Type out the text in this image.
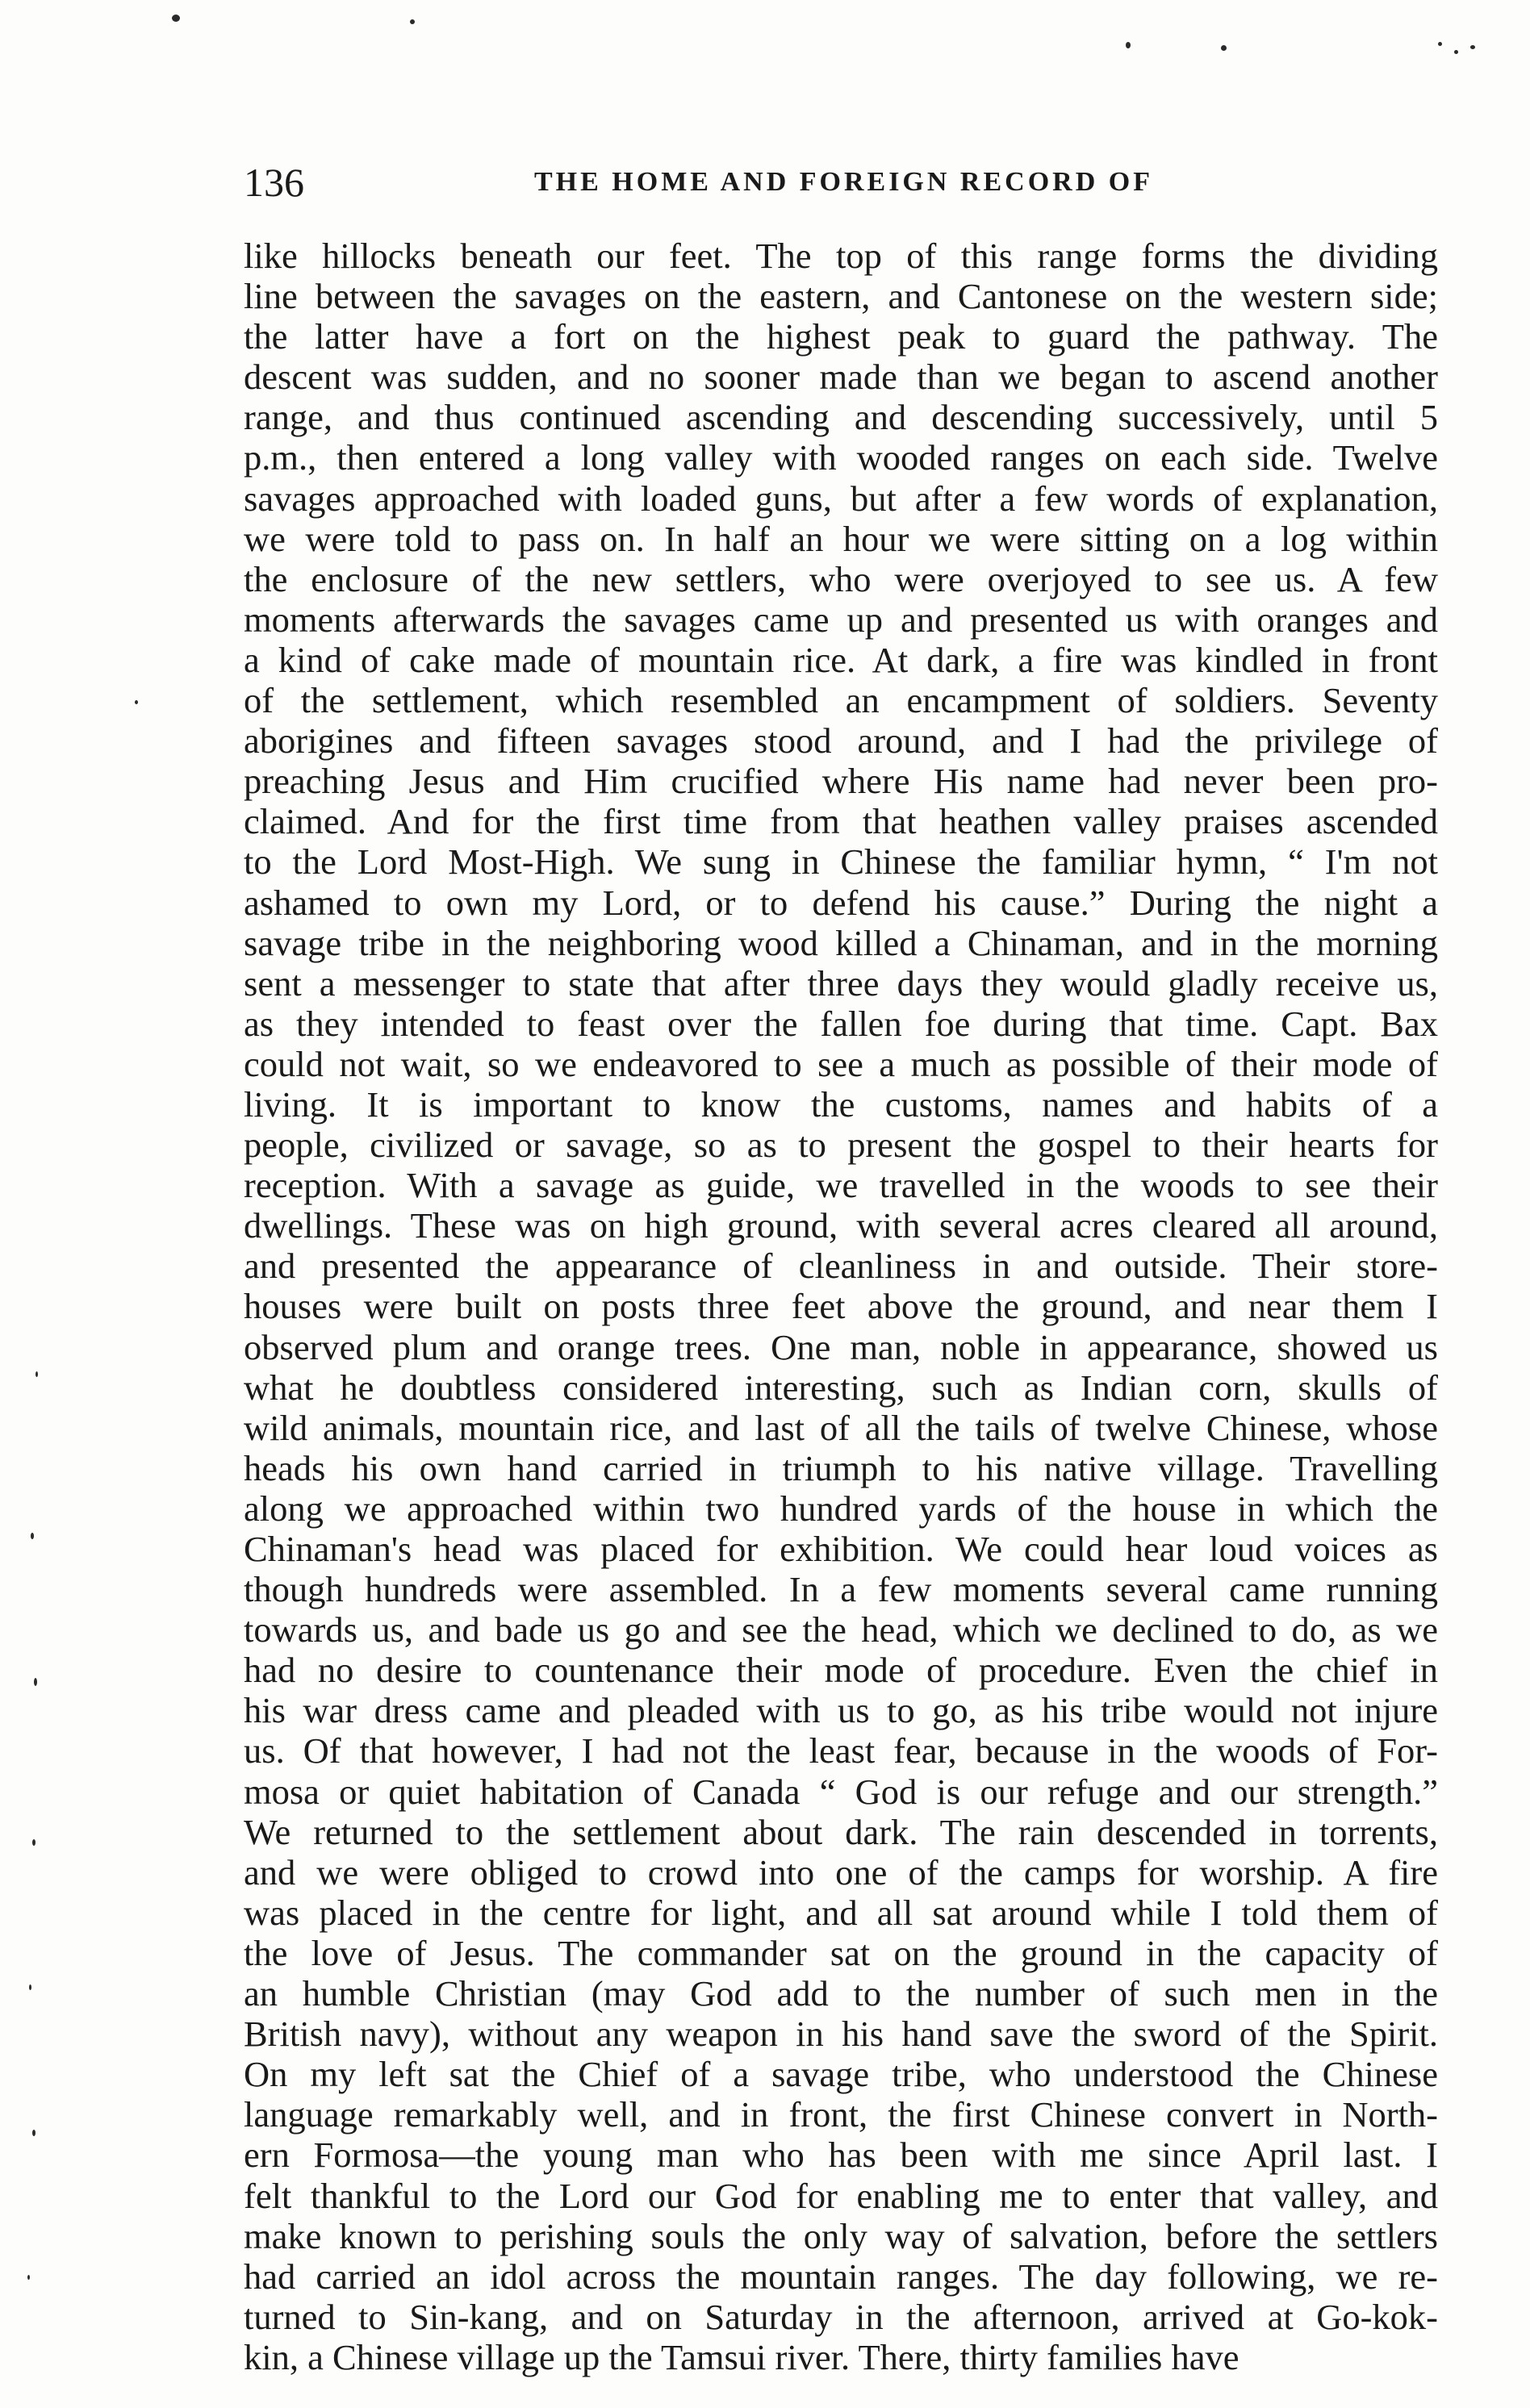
136	THE HOME AND FOREIGN RECORD OF
like hillocks beneath our feet. The top of this range forms the dividing
line between the savages on the eastern, and Cantonese on the western side;
the latter have a fort on the highest peak to guard the pathway. The
descent was sudden, and no sooner made than we began to ascend another
range, and thus continued ascending and descending successively, until 5
p.m., then entered a long valley with wooded ranges on each side. Twelve
savages approached with loaded guns, but after a few words of explanation,
we were told to pass on. In half an hour we were sitting on a log within
the enclosure of the new settlers, who were overjoyed to see us. A few
moments afterwards the savages came up and presented us with oranges and
a kind of cake made of mountain rice. At dark, a fire was kindled in front
of the settlement, which resembled an encampment of soldiers. Seventy
aborigines and fifteen savages stood around, and I had the privilege of
preaching Jesus and Him crucified where His name had never been pro-
claimed. And for the first time from that heathen valley praises ascended
to the Lord Most-High. We sung in Chinese the familiar hymn, “ I'm not
ashamed to own my Lord, or to defend his cause.” During the night a
savage tribe in the neighboring wood killed a Chinaman, and in the morning
sent a messenger to state that after three days they would gladly receive us,
as they intended to feast over the fallen foe during that time. Capt. Bax
could not wait, so we endeavored to see a much as possible of their mode of
living. It is important to know the customs, names and habits of a
people, civilized or savage, so as to present the gospel to their hearts for
reception. With a savage as guide, we travelled in the woods to see their
dwellings. These was on high ground, with several acres cleared all around,
and presented the appearance of cleanliness in and outside. Their store-
houses were built on posts three feet above the ground, and near them I
observed plum and orange trees. One man, noble in appearance, showed us
what he doubtless considered interesting, such as Indian corn, skulls of
wild animals, mountain rice, and last of all the tails of twelve Chinese, whose
heads his own hand carried in triumph to his native village. Travelling
along we approached within two hundred yards of the house in which the
Chinaman's head was placed for exhibition. We could hear loud voices as
though hundreds were assembled. In a few moments several came running
towards us, and bade us go and see the head, which we declined to do, as we
had no desire to countenance their mode of procedure. Even the chief in
his war dress came and pleaded with us to go, as his tribe would not injure
us. Of that however, I had not the least fear, because in the woods of For-
mosa or quiet habitation of Canada “ God is our refuge and our strength.”
We returned to the settlement about dark. The rain descended in torrents,
and we were obliged to crowd into one of the camps for worship. A fire
was placed in the centre for light, and all sat around while I told them of
the love of Jesus. The commander sat on the ground in the capacity of
an humble Christian (may God add to the number of such men in the
British navy), without any weapon in his hand save the sword of the Spirit.
On my left sat the Chief of a savage tribe, who understood the Chinese
language remarkably well, and in front, the first Chinese convert in North-
ern Formosa—the young man who has been with me since April last. I
felt thankful to the Lord our God for enabling me to enter that valley, and
make known to perishing souls the only way of salvation, before the settlers
had carried an idol across the mountain ranges. The day following, we re-
turned to Sin-kang, and on Saturday in the afternoon, arrived at Go-kok-
kin, a Chinese village up the Tamsui river. There, thirty families have
